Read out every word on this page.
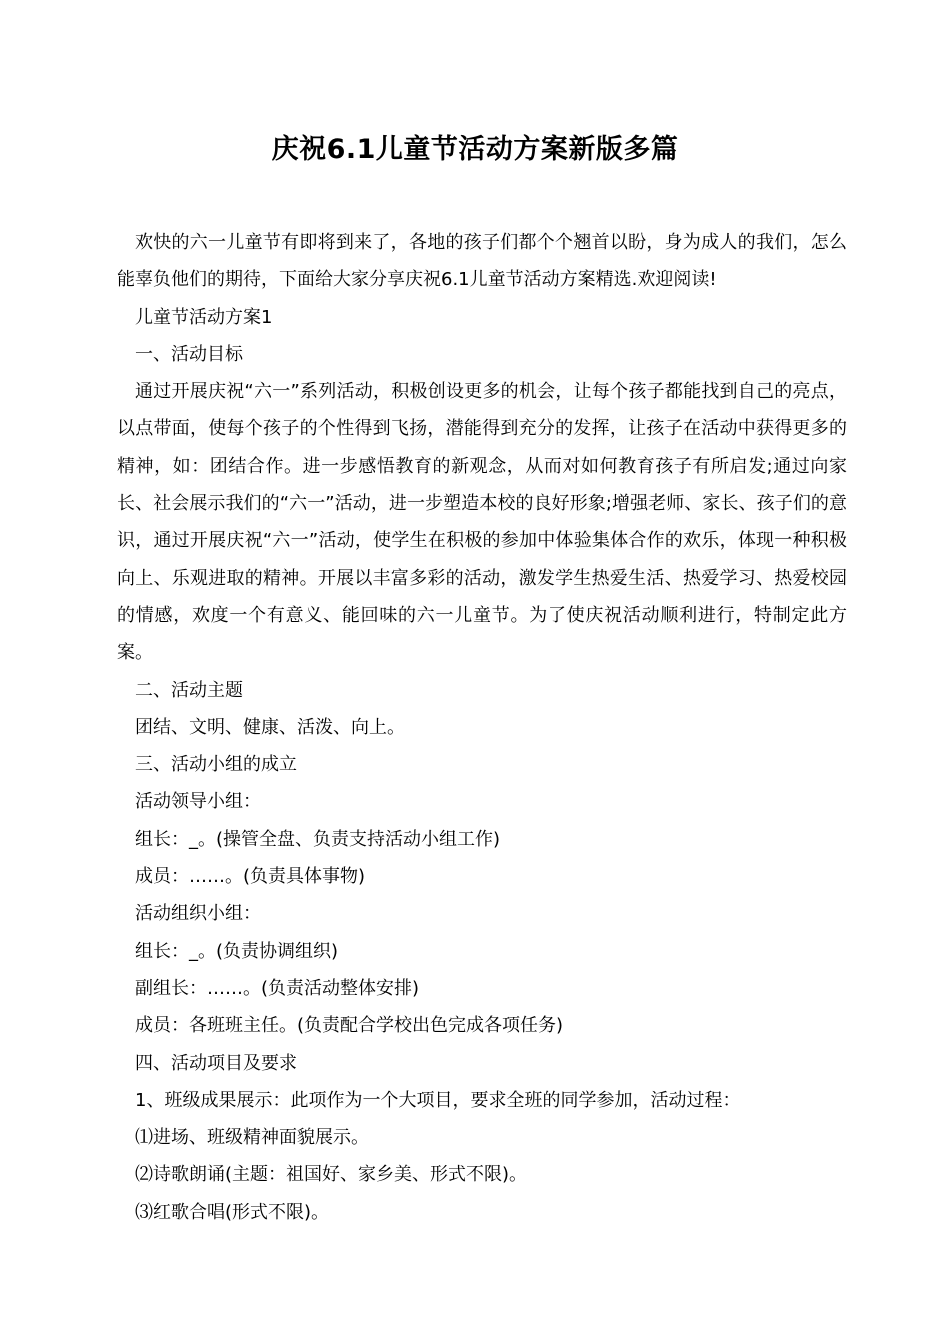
庆祝6.1儿童节活动方案新版多篇

欢快的六一儿童节有即将到来了，各地的孩子们都个个翘首以盼，身为成人的我们，怎么能辜负他们的期待，下面给大家分享庆祝6.1儿童节活动方案精选.欢迎阅读!

儿童节活动方案1

一、活动目标

通过开展庆祝“六一”系列活动，积极创设更多的机会，让每个孩子都能找到自己的亮点，以点带面，使每个孩子的个性得到飞扬，潜能得到充分的发挥，让孩子在活动中获得更多的精神，如：团结合作。进一步感悟教育的新观念，从而对如何教育孩子有所启发;通过向家长、社会展示我们的“六一”活动，进一步塑造本校的良好形象;增强老师、家长、孩子们的意识，通过开展庆祝“六一”活动，使学生在积极的参加中体验集体合作的欢乐，体现一种积极向上、乐观进取的精神。开展以丰富多彩的活动，激发学生热爱生活、热爱学习、热爱校园的情感，欢度一个有意义、能回味的六一儿童节。为了使庆祝活动顺利进行，特制定此方案。

二、活动主题

团结、文明、健康、活泼、向上。

三、活动小组的成立

活动领导小组：

组长：_。(操管全盘、负责支持活动小组工作)

成员：……。(负责具体事物)

活动组织小组：

组长：_。(负责协调组织)

副组长：……。(负责活动整体安排)

成员：各班班主任。(负责配合学校出色完成各项任务)

四、活动项目及要求

1、班级成果展示：此项作为一个大项目，要求全班的同学参加，活动过程：

⑴进场、班级精神面貌展示。

⑵诗歌朗诵(主题：祖国好、家乡美、形式不限)。

⑶红歌合唱(形式不限)。
